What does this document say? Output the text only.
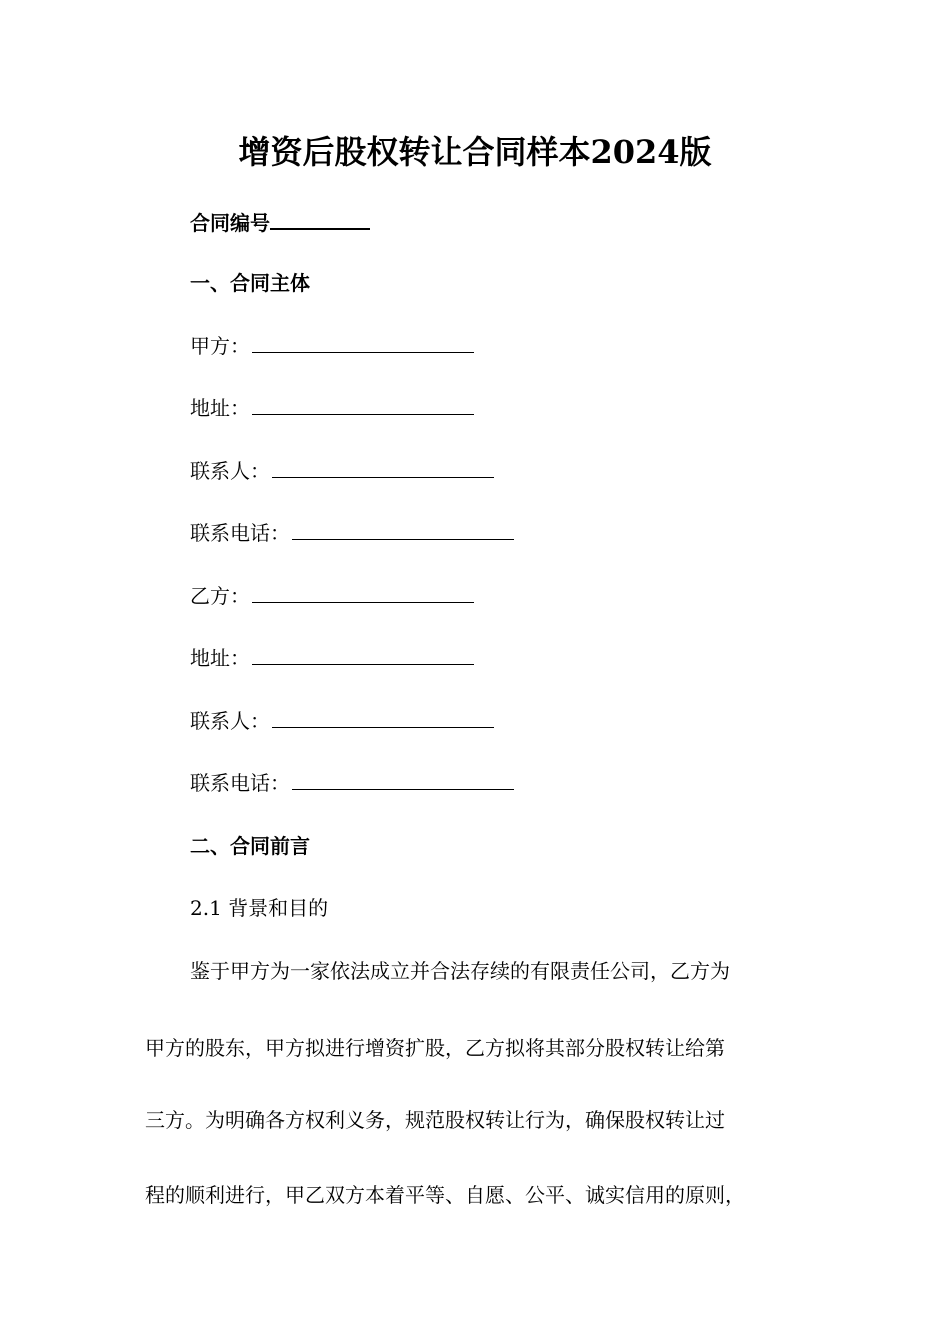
增资后股权转让合同样本2024版
合同编号
一、合同主体
甲方：
地址：
联系人：
联系电话：
乙方：
地址：
联系人：
联系电话：
二、合同前言
2.1 背景和目的
鉴于甲方为一家依法成立并合法存续的有限责任公司，乙方为
甲方的股东，甲方拟进行增资扩股，乙方拟将其部分股权转让给第
三方。为明确各方权利义务，规范股权转让行为，确保股权转让过
程的顺利进行，甲乙双方本着平等、自愿、公平、诚实信用的原则，
